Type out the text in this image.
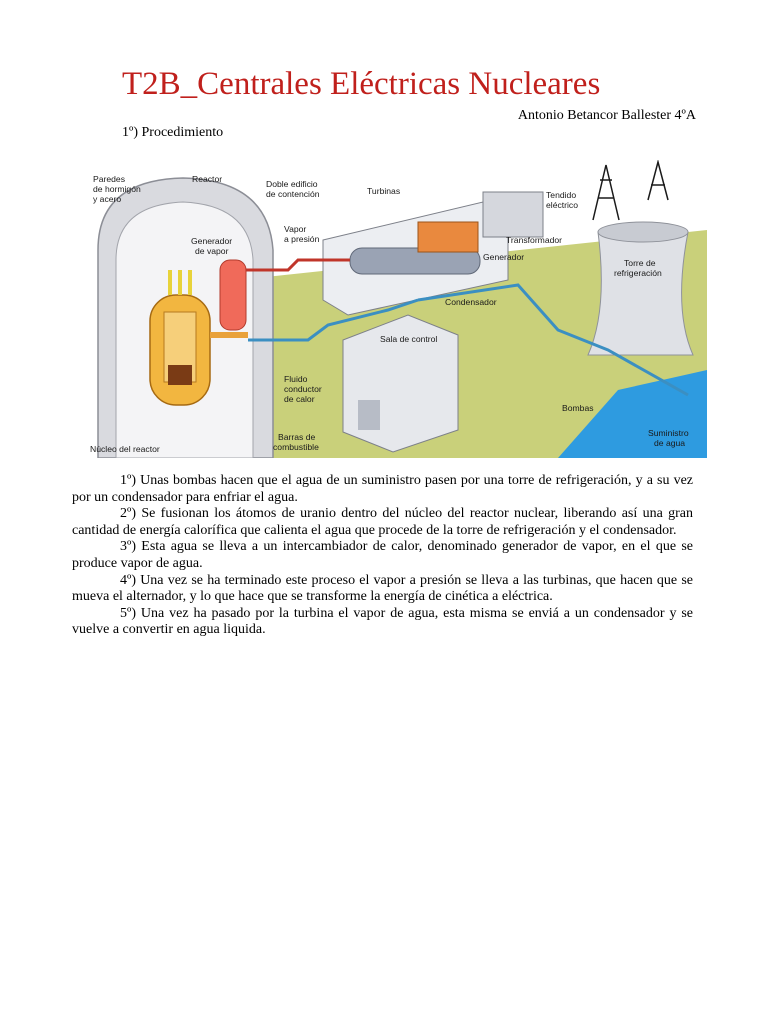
T2B_Centrales Eléctricas Nucleares
Antonio Betancor Ballester 4ºA
1º) Procedimiento
Paredes
de hormigón
y acero
Reactor	Doble edificio
de contención	Turbinas	Tendido
eléctrico
Vapor
a presión
Generador
de vapor
Transformador
Generador
Torre de
refrigeración
Condensador
Sala de control
Fluido
conductor
de calor
Bombas
Barras de
combustible
Núcleo del reactor
Suministro
de agua

1º) Unas bombas hacen que el agua de un suministro pasen por una torre de refrigeración, y a su vez por un condensador para enfriar el agua.

2º) Se fusionan los átomos de uranio dentro del núcleo del reactor nuclear, liberando así una gran cantidad de energía calorífica que calienta el agua que procede de la torre de refrigeración y el condensador.

3º) Esta agua se lleva a un intercambiador de calor, denominado generador de vapor, en el que se produce vapor de agua.

4º) Una vez se ha terminado este proceso el vapor a presión se lleva a las turbinas, que hacen que se mueva el alternador, y lo que hace que se transforme la energía de cinética a eléctrica.

5º) Una vez ha pasado por la turbina el vapor de agua, esta misma se enviá a un condensador y se vuelve a convertir en agua liquida.
